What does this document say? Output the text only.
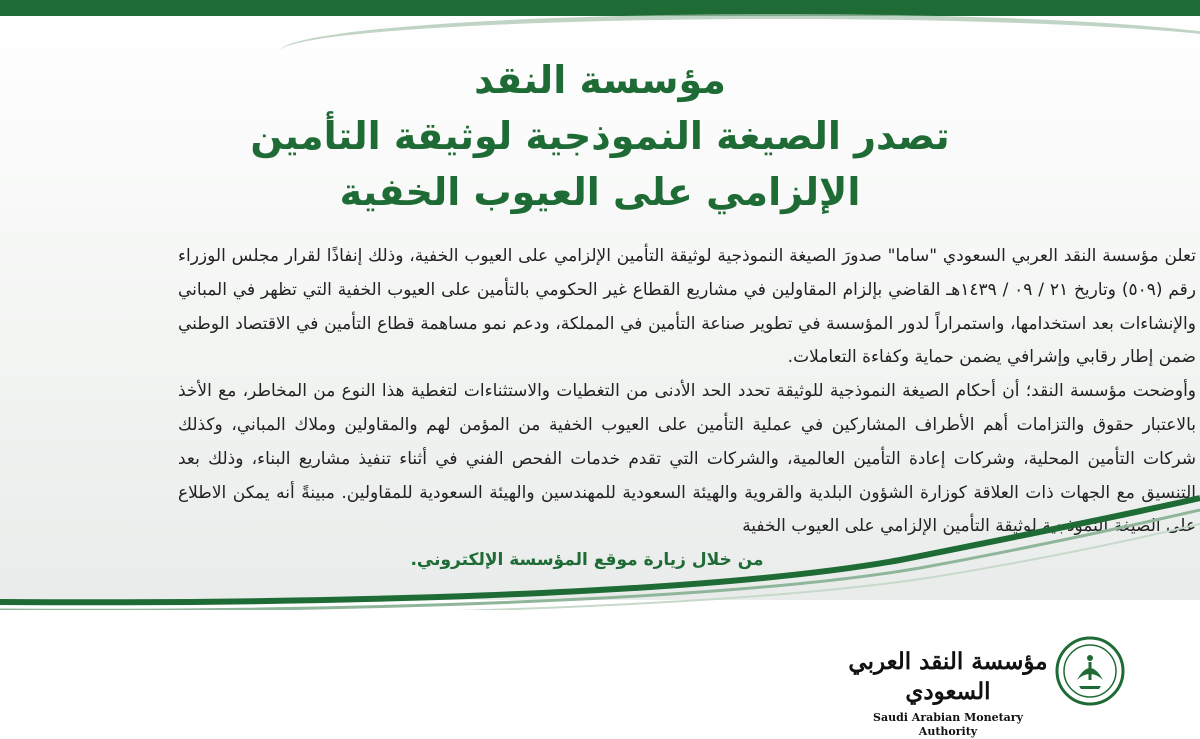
مؤسسة النقد
تصدر الصيغة النموذجية لوثيقة التأمين
الإلزامي على العيوب الخفية

تعلن مؤسسة النقد العربي السعودي "ساما" صدورَ الصيغة النموذجية لوثيقة التأمين الإلزامي على العيوب الخفية، وذلك إنفاذًا لقرار مجلس الوزراء رقم (٥٠٩) وتاريخ ٢١ / ٠٩ / ١٤٣٩هـ القاضي بإلزام المقاولين في مشاريع القطاع غير الحكومي بالتأمين على العيوب الخفية التي تظهر في المباني والإنشاءات بعد استخدامها، واستمراراً لدور المؤسسة في تطوير صناعة التأمين في المملكة، ودعم نمو مساهمة قطاع التأمين في الاقتصاد الوطني ضمن إطار رقابي وإشرافي يضمن حماية وكفاءة التعاملات.

وأوضحت مؤسسة النقد؛ أن أحكام الصيغة النموذجية للوثيقة تحدد الحد الأدنى من التغطيات والاستثناءات لتغطية هذا النوع من المخاطر، مع الأخذ بالاعتبار حقوق والتزامات أهم الأطراف المشاركين في عملية التأمين على العيوب الخفية من المؤمن لهم والمقاولين وملاك المباني، وكذلك شركات التأمين المحلية، وشركات إعادة التأمين العالمية، والشركات التي تقدم خدمات الفحص الفني في أثناء تنفيذ مشاريع البناء، وذلك بعد التنسيق مع الجهات ذات العلاقة كوزارة الشؤون البلدية والقروية والهيئة السعودية للمهندسين والهيئة السعودية للمقاولين. مبينةً أنه يمكن الاطلاع على الصيغة النموذجية لوثيقة التأمين الإلزامي على العيوب الخفية

من خلال زيارة موقع المؤسسة الإلكتروني.

مؤسسة النقد العربي السعودي
Saudi Arabian Monetary Authority
